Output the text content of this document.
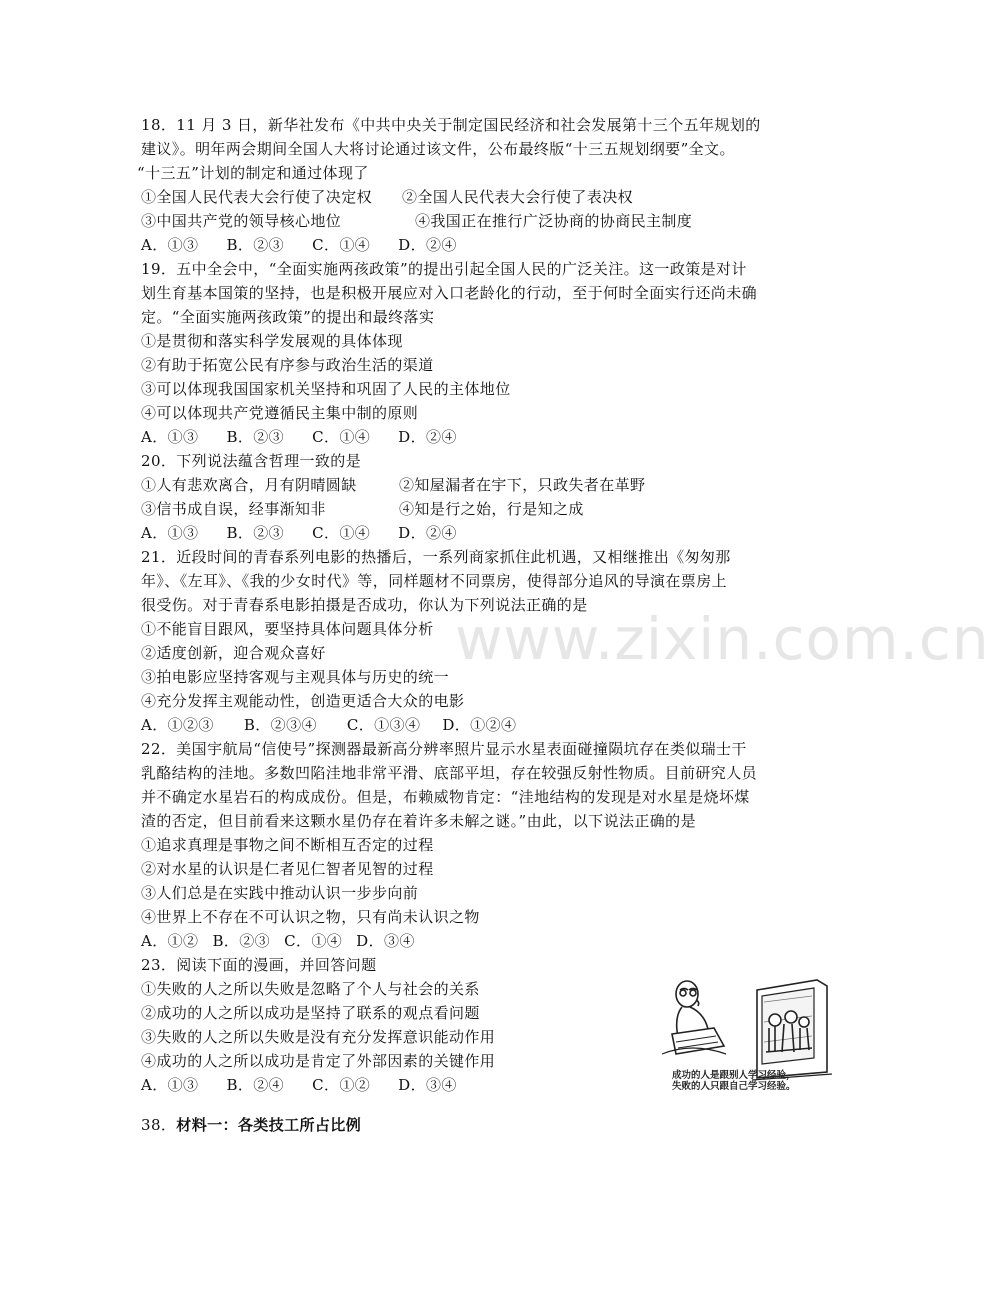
www.zixin.com.cn
18．11 月 3 日，新华社发布《中共中央关于制定国民经济和社会发展第十三个五年规划的
建议》。明年两会期间全国人大将讨论通过该文件，公布最终版“十三五规划纲要”全文。
“十三五”计划的制定和通过体现了
①全国人民代表大会行使了决定权 ②全国人民代表大会行使了表决权
③中国共产党的领导核心地位	④我国正在推行广泛协商的协商民主制度
A．①③ B．②③ C．①④ D．②④
19．五中全会中，“全面实施两孩政策”的提出引起全国人民的广泛关注。这一政策是对计
划生育基本国策的坚持，也是积极开展应对入口老龄化的行动，至于何时全面实行还尚未确
定。“全面实施两孩政策”的提出和最终落实
①是贯彻和落实科学发展观的具体体现
②有助于拓宽公民有序参与政治生活的渠道
③可以体现我国国家机关坚持和巩固了人民的主体地位
④可以体现共产党遵循民主集中制的原则
A．①③ B．②③ C．①④ D．②④
20．下列说法蕴含哲理一致的是
①人有悲欢离合，月有阴晴圆缺	②知屋漏者在宇下，只政失者在革野
③信书成自误，经事渐知非	④知是行之始，行是知之成
A．①③ B．②③ C．①④ D．②④
21．近段时间的青春系列电影的热播后，一系列商家抓住此机遇，又相继推出《匆匆那
年》、《左耳》、《我的少女时代》等，同样题材不同票房，使得部分追风的导演在票房上
很受伤。对于青春系电影拍摄是否成功，你认为下列说法正确的是
①不能盲目跟风，要坚持具体问题具体分析
②适度创新，迎合观众喜好
③拍电影应坚持客观与主观具体与历史的统一
④充分发挥主观能动性，创造更适合大众的电影
A．①②③ B．②③④ C．①③④ D．①②④
22．美国宇航局“信使号”探测器最新高分辨率照片显示水星表面碰撞陨坑存在类似瑞士干
乳酪结构的洼地。多数凹陷洼地非常平滑、底部平坦，存在较强反射性物质。目前研究人员
并不确定水星岩石的构成成份。但是，布赖威物肯定：“洼地结构的发现是对水星是烧坏煤
渣的否定，但目前看来这颗水星仍存在着许多未解之谜。”由此，以下说法正确的是
①追求真理是事物之间不断相互否定的过程
②对水星的认识是仁者见仁智者见智的过程
③人们总是在实践中推动认识一步步向前
④世界上不存在不可认识之物，只有尚未认识之物
A．①② B．②③ C．①④ D．③④
23．阅读下面的漫画，并回答问题
①失败的人之所以失败是忽略了个人与社会的关系
②成功的人之所以成功是坚持了联系的观点看问题
③失败的人之所以失败是没有充分发挥意识能动作用
④成功的人之所以成功是肯定了外部因素的关键作用
A．①③ B．②④ C．①② D．③④
成功的人是跟别人学习经验，
失败的人只跟自己学习经验。
38．材料一：各类技工所占比例
